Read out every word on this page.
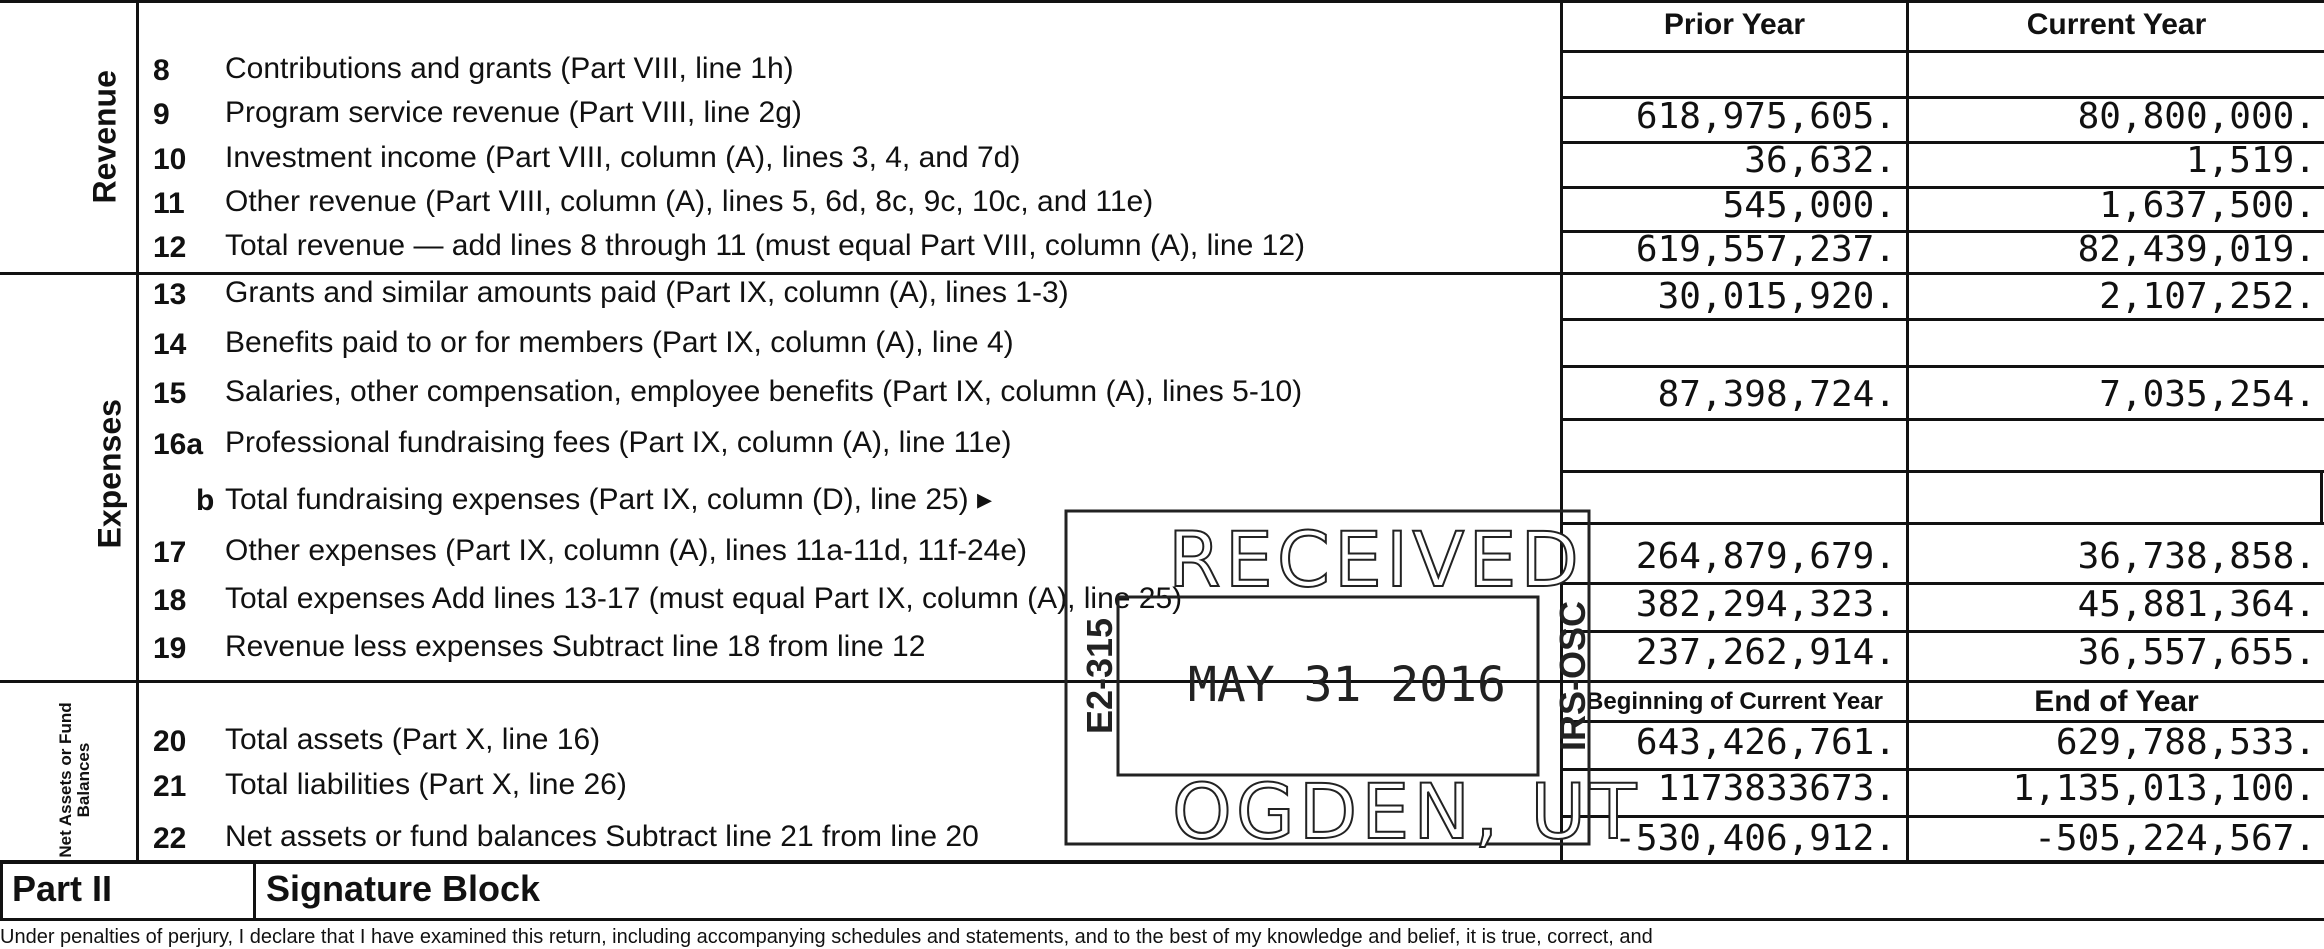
Prior Year	Current Year
Beginning of Current Year	End of Year
Revenue
Expenses
Net Assets or Fund Balances
8 Contributions and grants (Part VIII, line 1h)
9 Program service revenue (Part VIII, line 2g)	618,975,605.	80,800,000.
10 Investment income (Part VIII, column (A), lines 3, 4, and 7d)	36,632.	1,519.
11 Other revenue (Part VIII, column (A), lines 5, 6d, 8c, 9c, 10c, and 11e)	545,000.	1,637,500.
12 Total revenue — add lines 8 through 11 (must equal Part VIII, column (A), line 12)	619,557,237.	82,439,019.
13 Grants and similar amounts paid (Part IX, column (A), lines 1-3)	30,015,920.	2,107,252.
14 Benefits paid to or for members (Part IX, column (A), line 4)
15 Salaries, other compensation, employee benefits (Part IX, column (A), lines 5-10)	87,398,724.	7,035,254.
16a Professional fundraising fees (Part IX, column (A), line 11e)
b Total fundraising expenses (Part IX, column (D), line 25) ▸
17 Other expenses (Part IX, column (A), lines 11a-11d, 11f-24e)	264,879,679.	36,738,858.
18 Total expenses Add lines 13-17 (must equal Part IX, column (A), line 25)	382,294,323.	45,881,364.
19 Revenue less expenses Subtract line 18 from line 12	237,262,914.	36,557,655.
20 Total assets (Part X, line 16)	643,426,761.	629,788,533.
21 Total liabilities (Part X, line 26)	1173833673.	1,135,013,100.
22 Net assets or fund balances Subtract line 21 from line 20	-530,406,912.	-505,224,567.
Part II	Signature Block
Under penalties of perjury, I declare that I have examined this return, including accompanying schedules and statements, and to the best of my knowledge and belief, it is true, correct, and
RECEIVED
MAY 31 2016
OGDEN, UT
E2-315	IRS-OSC
